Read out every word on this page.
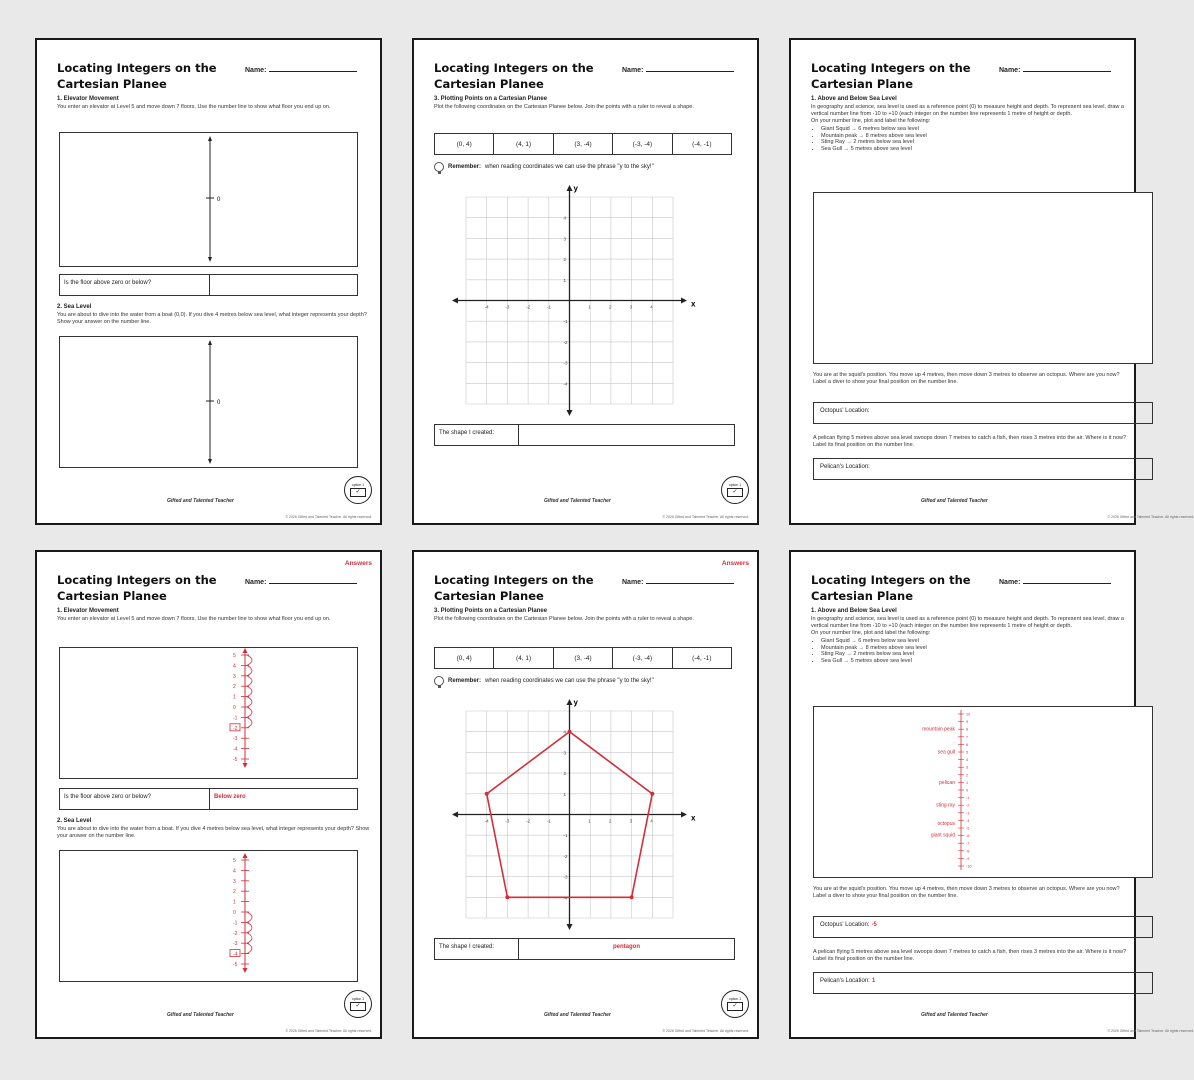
Name:
Locating Integers on the Cartesian Planee
1. Elevator Movement
You enter an elevator at Level 5 and move down 7 floors. Use the number line to show what floor you end up on.
0
Is the floor above zero or below?
2. Sea Level
You are about to dive into the water from a boat (0,0). If you dive 4 metres below sea level, what integer represents your depth? Show your answer on the number line.
0
Gifted and Talented Teacher
option 1
✓
© 2026 Gifted and Talented Teacher. All rights reserved.
Name:
Locating Integers on the Cartesian Planee
3. Plotting Points on a Cartesian Planee
Plot the following coordinates on the Cartesian Planee below. Join the points with a ruler to reveal a shape.
(0, 4)	(4, 1)	(3, -4)	(-3, -4)	(-4, -1)
Remember: when reading coordinates we can use the phrase "y to the sky!"
x
y
-4
-4
-3
-3
-2
-2
-1
-1
1
1
2
2
3
3
4
4
The shape I created:
Gifted and Talented Teacher
option 1
✓
© 2026 Gifted and Talented Teacher. All rights reserved.
Name:
Locating Integers on the Cartesian Plane
1. Above and Below Sea Level
In geography and science, sea level is used as a reference point (0) to measure height and depth. To represent sea level, draw a vertical number line from -10 to +10 (each integer on the number line represents 1 metre of height or depth.
On your number line, plot and label the following:
• Giant Squid → 6 metres below sea level
• Mountain peak → 8 metres above sea level
• Sting Ray → 2 metres below sea level
• Sea Gull → 5 metres above sea level
You are at the squid's position. You move up 4 metres, then move down 3 metres to observe an octopus. Where are you now? Label a diver to show your final position on the number line.
Octopus' Location:
A pelican flying 5 metres above sea level swoops down 7 metres to catch a fish, then rises 3 metres into the air. Where is it now? Label its final position on the number line.
Pelican's Location:
Gifted and Talented Teacher
© 2026 Gifted and Talented Teacher. All rights reserved.
Answers
Name:
Locating Integers on the Cartesian Planee
1. Elevator Movement
You enter an elevator at Level 5 and move down 7 floors. Use the number line to show what floor you end up on.
5
4
3
2
1
0
-1
-2
-3
-4
-5
Is the floor above zero or below?	Below zero
2. Sea Level
You are about to dive into the water from a boat. If you dive 4 metres below sea level, what integer represents your depth? Show your answer on the number line.
5
4
3
2
1
0
-1
-2
-3
-4
-5
Gifted and Talented Teacher
option 1
✓
© 2026 Gifted and Talented Teacher. All rights reserved.
Answers
Name:
Locating Integers on the Cartesian Planee
3. Plotting Points on a Cartesian Planee
Plot the following coordinates on the Cartesian Planee below. Join the points with a ruler to reveal a shape.
(0, 4)	(4, 1)	(3, -4)	(-3, -4)	(-4, -1)
Remember: when reading coordinates we can use the phrase "y to the sky!"
x
y
-4
-4
-3
-3
-2
-2
-1
-1
1
1
2
2
3
3
4
4
The shape I created:	pentagon
Gifted and Talented Teacher
option 1
✓
© 2026 Gifted and Talented Teacher. All rights reserved.
Name:
Locating Integers on the Cartesian Plane
1. Above and Below Sea Level
In geography and science, sea level is used as a reference point (0) to measure height and depth. To represent sea level, draw a vertical number line from -10 to +10 (each integer on the number line represents 1 metre of height or depth.
On your number line, plot and label the following:
• Giant Squid → 6 metres below sea level
• Mountain peak → 8 metres above sea level
• Sting Ray → 2 metres below sea level
• Sea Gull → 5 metres above sea level
10
9
8
7
6
5
4
3
2
1
0
-1
-2
-3
-4
-5
-6
-7
-8
-9
-10
mountain peak
sea gull
pelican
sting ray
octopus
giant squid
You are at the squid's position. You move up 4 metres, then move down 3 metres to observe an octopus. Where are you now? Label a diver to show your final position on the number line.
Octopus' Location: -5
A pelican flying 5 metres above sea level swoops down 7 metres to catch a fish, then rises 3 metres into the air. Where is it now? Label its final position on the number line.
Pelican's Location: 1
Gifted and Talented Teacher
© 2026 Gifted and Talented Teacher. All rights reserved.
